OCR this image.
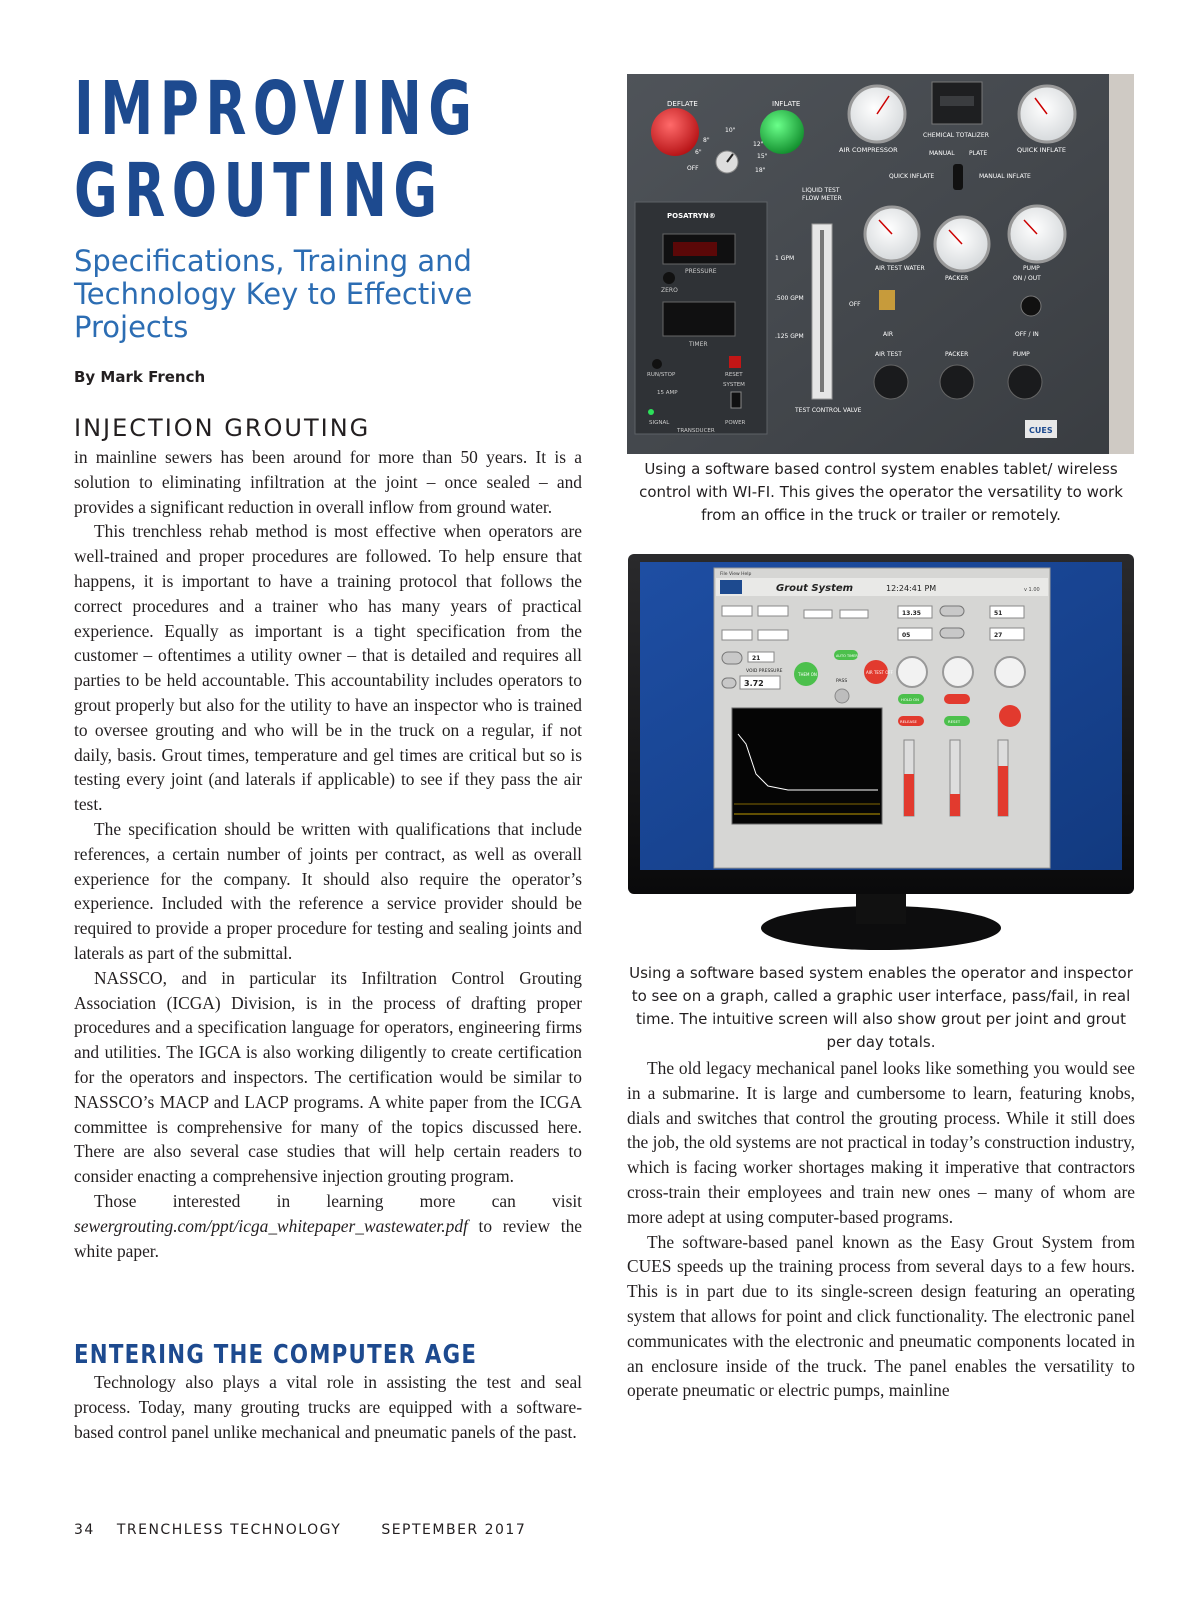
IMPROVING
GROUTING
Specifications, Training and Technology Key to Effective Projects

By Mark French

INJECTION GROUTING

in mainline sewers has been around for more than 50 years. It is a solution to eliminating infiltration at the joint – once sealed – and provides a significant reduction in overall inflow from ground water.

This trenchless rehab method is most effective when operators are well-trained and proper procedures are followed. To help ensure that happens, it is important to have a training protocol that follows the correct procedures and a trainer who has many years of practical experience. Equally as important is a tight specification from the customer – oftentimes a utility owner – that is detailed and requires all parties to be held accountable. This accountability includes operators to grout properly but also for the utility to have an inspector who is trained to oversee grouting and who will be in the truck on a regular, if not daily, basis. Grout times, temperature and gel times are critical but so is testing every joint (and laterals if applicable) to see if they pass the air test.

The specification should be written with qualifications that include references, a certain number of joints per contract, as well as overall experience for the company. It should also require the operator’s experience. Included with the reference a service provider should be required to provide a proper procedure for testing and sealing joints and laterals as part of the submittal.

NASSCO, and in particular its Infiltration Control Grouting Association (ICGA) Division, is in the process of drafting proper procedures and a specification language for operators, engineering firms and utilities. The IGCA is also working diligently to create certification for the operators and inspectors. The certification would be similar to NASSCO’s MACP and LACP programs. A white paper from the ICGA committee is comprehensive for many of the topics discussed here. There are also several case studies that will help certain readers to consider enacting a comprehensive injection grouting program.

Those interested in learning more can visit sewergrouting.com/ppt/icga_whitepaper_wastewater.pdf to review the white paper.

ENTERING THE COMPUTER AGE

Technology also plays a vital role in assisting the test and seal process. Today, many grouting trucks are equipped with a software-based control panel unlike mechanical and pneumatic panels of the past.

DEFLATE	INFLATE
OFF
6"
8"
10"
12"
15"
18"
AIR COMPRESSOR
CHEMICAL TOTALIZER
QUICK INFLATE
MANUAL PLATE
QUICK INFLATE	MANUAL INFLATE
LIQUID TEST
FLOW METER
1 GPM
.500 GPM
.125 GPM
TEST CONTROL VALVE
POSATRYN®
PRESSURE
ZERO
TIMER
RUN/STOP	RESET
SYSTEM
15 AMP
SIGNAL	POWER
TRANSDUCER
AIR TEST WATER
PACKER
PUMP
ON / OUT
OFF / IN
OFF
AIR
AIR TEST	PACKER	PUMP
CUES

Using a software based control system enables tablet/ wireless control with WI-FI. This gives the operator the versatility to work from an office in the truck or trailer or remotely.

File View Help
Grout System	12:24:41 PM	v 1.00
21
VOID PRESSURE
3.72
AUTO TIMER
THEM ON	AIR TEST OFF
PASS
13.35
05
51
27
HOLD ON
RELEASE	RESET

Using a software based system enables the operator and inspector to see on a graph, called a graphic user interface, pass/fail, in real time. The intuitive screen will also show grout per joint and grout per day totals.

The old legacy mechanical panel looks like something you would see in a submarine. It is large and cumbersome to learn, featuring knobs, dials and switches that control the grouting process. While it still does the job, the old systems are not practical in today’s construction industry, which is facing worker shortages making it imperative that contractors cross-train their employees and train new ones – many of whom are more adept at using computer-based programs.

The software-based panel known as the Easy Grout System from CUES speeds up the training process from several days to a few hours. This is in part due to its single-screen design featuring an operating system that allows for point and click functionality. The electronic panel communicates with the electronic and pneumatic components located in an enclosure inside of the truck. The panel enables the versatility to operate pneumatic or electric pumps, mainline

34 TRENCHLESS TECHNOLOGY	SEPTEMBER 2017
